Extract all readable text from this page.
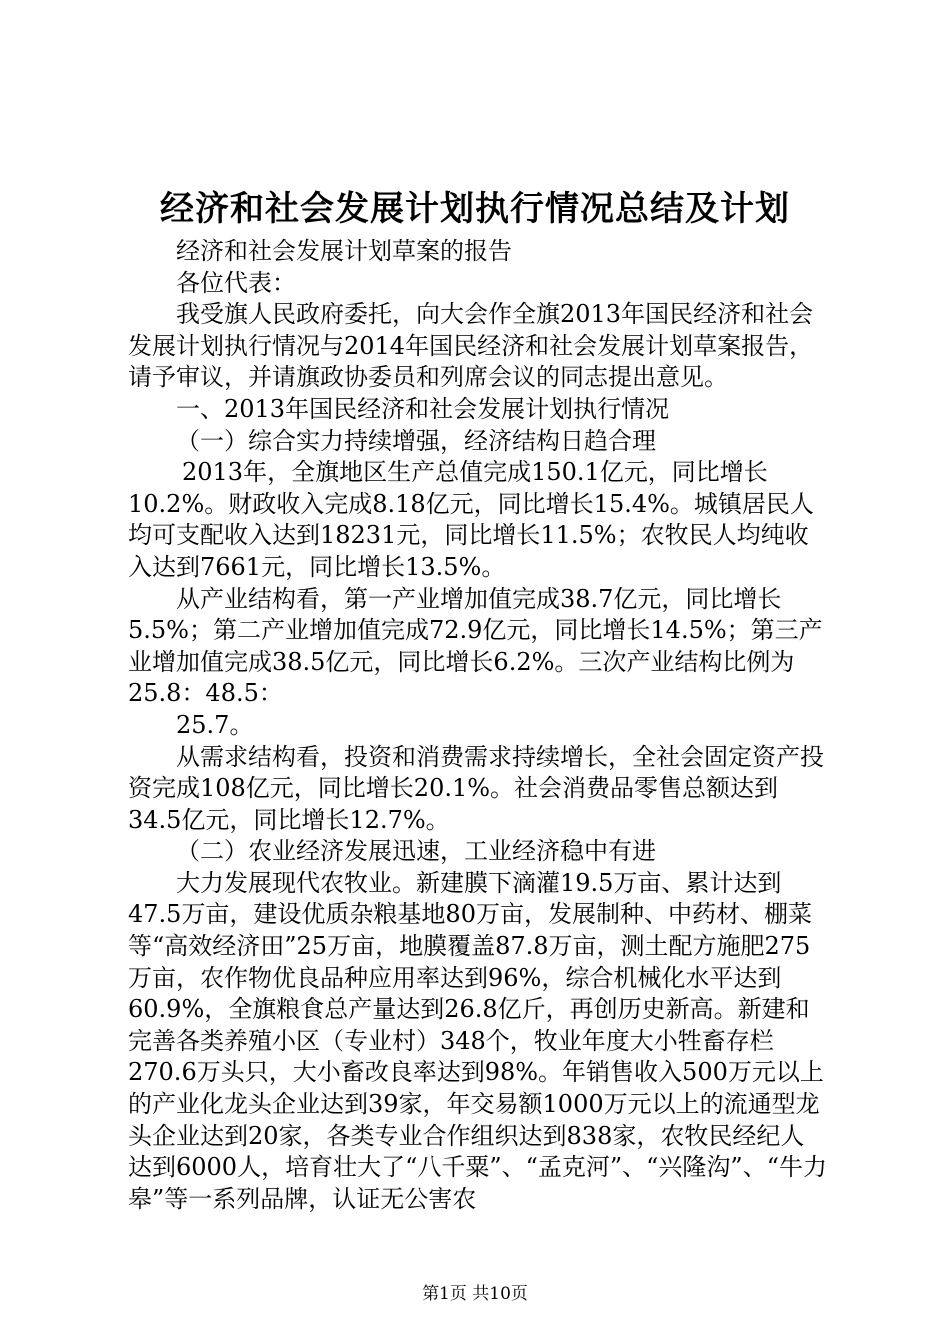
经济和社会发展计划执行情况总结及计划

经济和社会发展计划草案的报告

各位代表：

我受旗人民政府委托，向大会作全旗2013年国民经济和社会发展计划执行情况与2014年国民经济和社会发展计划草案报告，请予审议，并请旗政协委员和列席会议的同志提出意见。

一、2013年国民经济和社会发展计划执行情况

（一）综合实力持续增强，经济结构日趋合理

2013年，全旗地区生产总值完成150.1亿元，同比增长10.2%。财政收入完成8.18亿元，同比增长15.4%。城镇居民人均可支配收入达到18231元，同比增长11.5%；农牧民人均纯收入达到7661元，同比增长13.5%。

从产业结构看，第一产业增加值完成38.7亿元，同比增长5.5%；第二产业增加值完成72.9亿元，同比增长14.5%；第三产业增加值完成38.5亿元，同比增长6.2%。三次产业结构比例为25.8：48.5：

25.7。

从需求结构看，投资和消费需求持续增长，全社会固定资产投资完成108亿元，同比增长20.1%。社会消费品零售总额达到34.5亿元，同比增长12.7%。

（二）农业经济发展迅速，工业经济稳中有进

大力发展现代农牧业。新建膜下滴灌19.5万亩、累计达到47.5万亩，建设优质杂粮基地80万亩，发展制种、中药材、棚菜等“高效经济田”25万亩，地膜覆盖87.8万亩，测土配方施肥275万亩，农作物优良品种应用率达到96%，综合机械化水平达到60.9%，全旗粮食总产量达到26.8亿斤，再创历史新高。新建和完善各类养殖小区（专业村）348个，牧业年度大小牲畜存栏270.6万头只，大小畜改良率达到98%。年销售收入500万元以上的产业化龙头企业达到39家，年交易额1000万元以上的流通型龙头企业达到20家，各类专业合作组织达到838家，农牧民经纪人达到6000人，培育壮大了“八千粟”、“孟克河”、“兴隆沟”、“牛力皋”等一系列品牌，认证无公害农

第1页 共10页
